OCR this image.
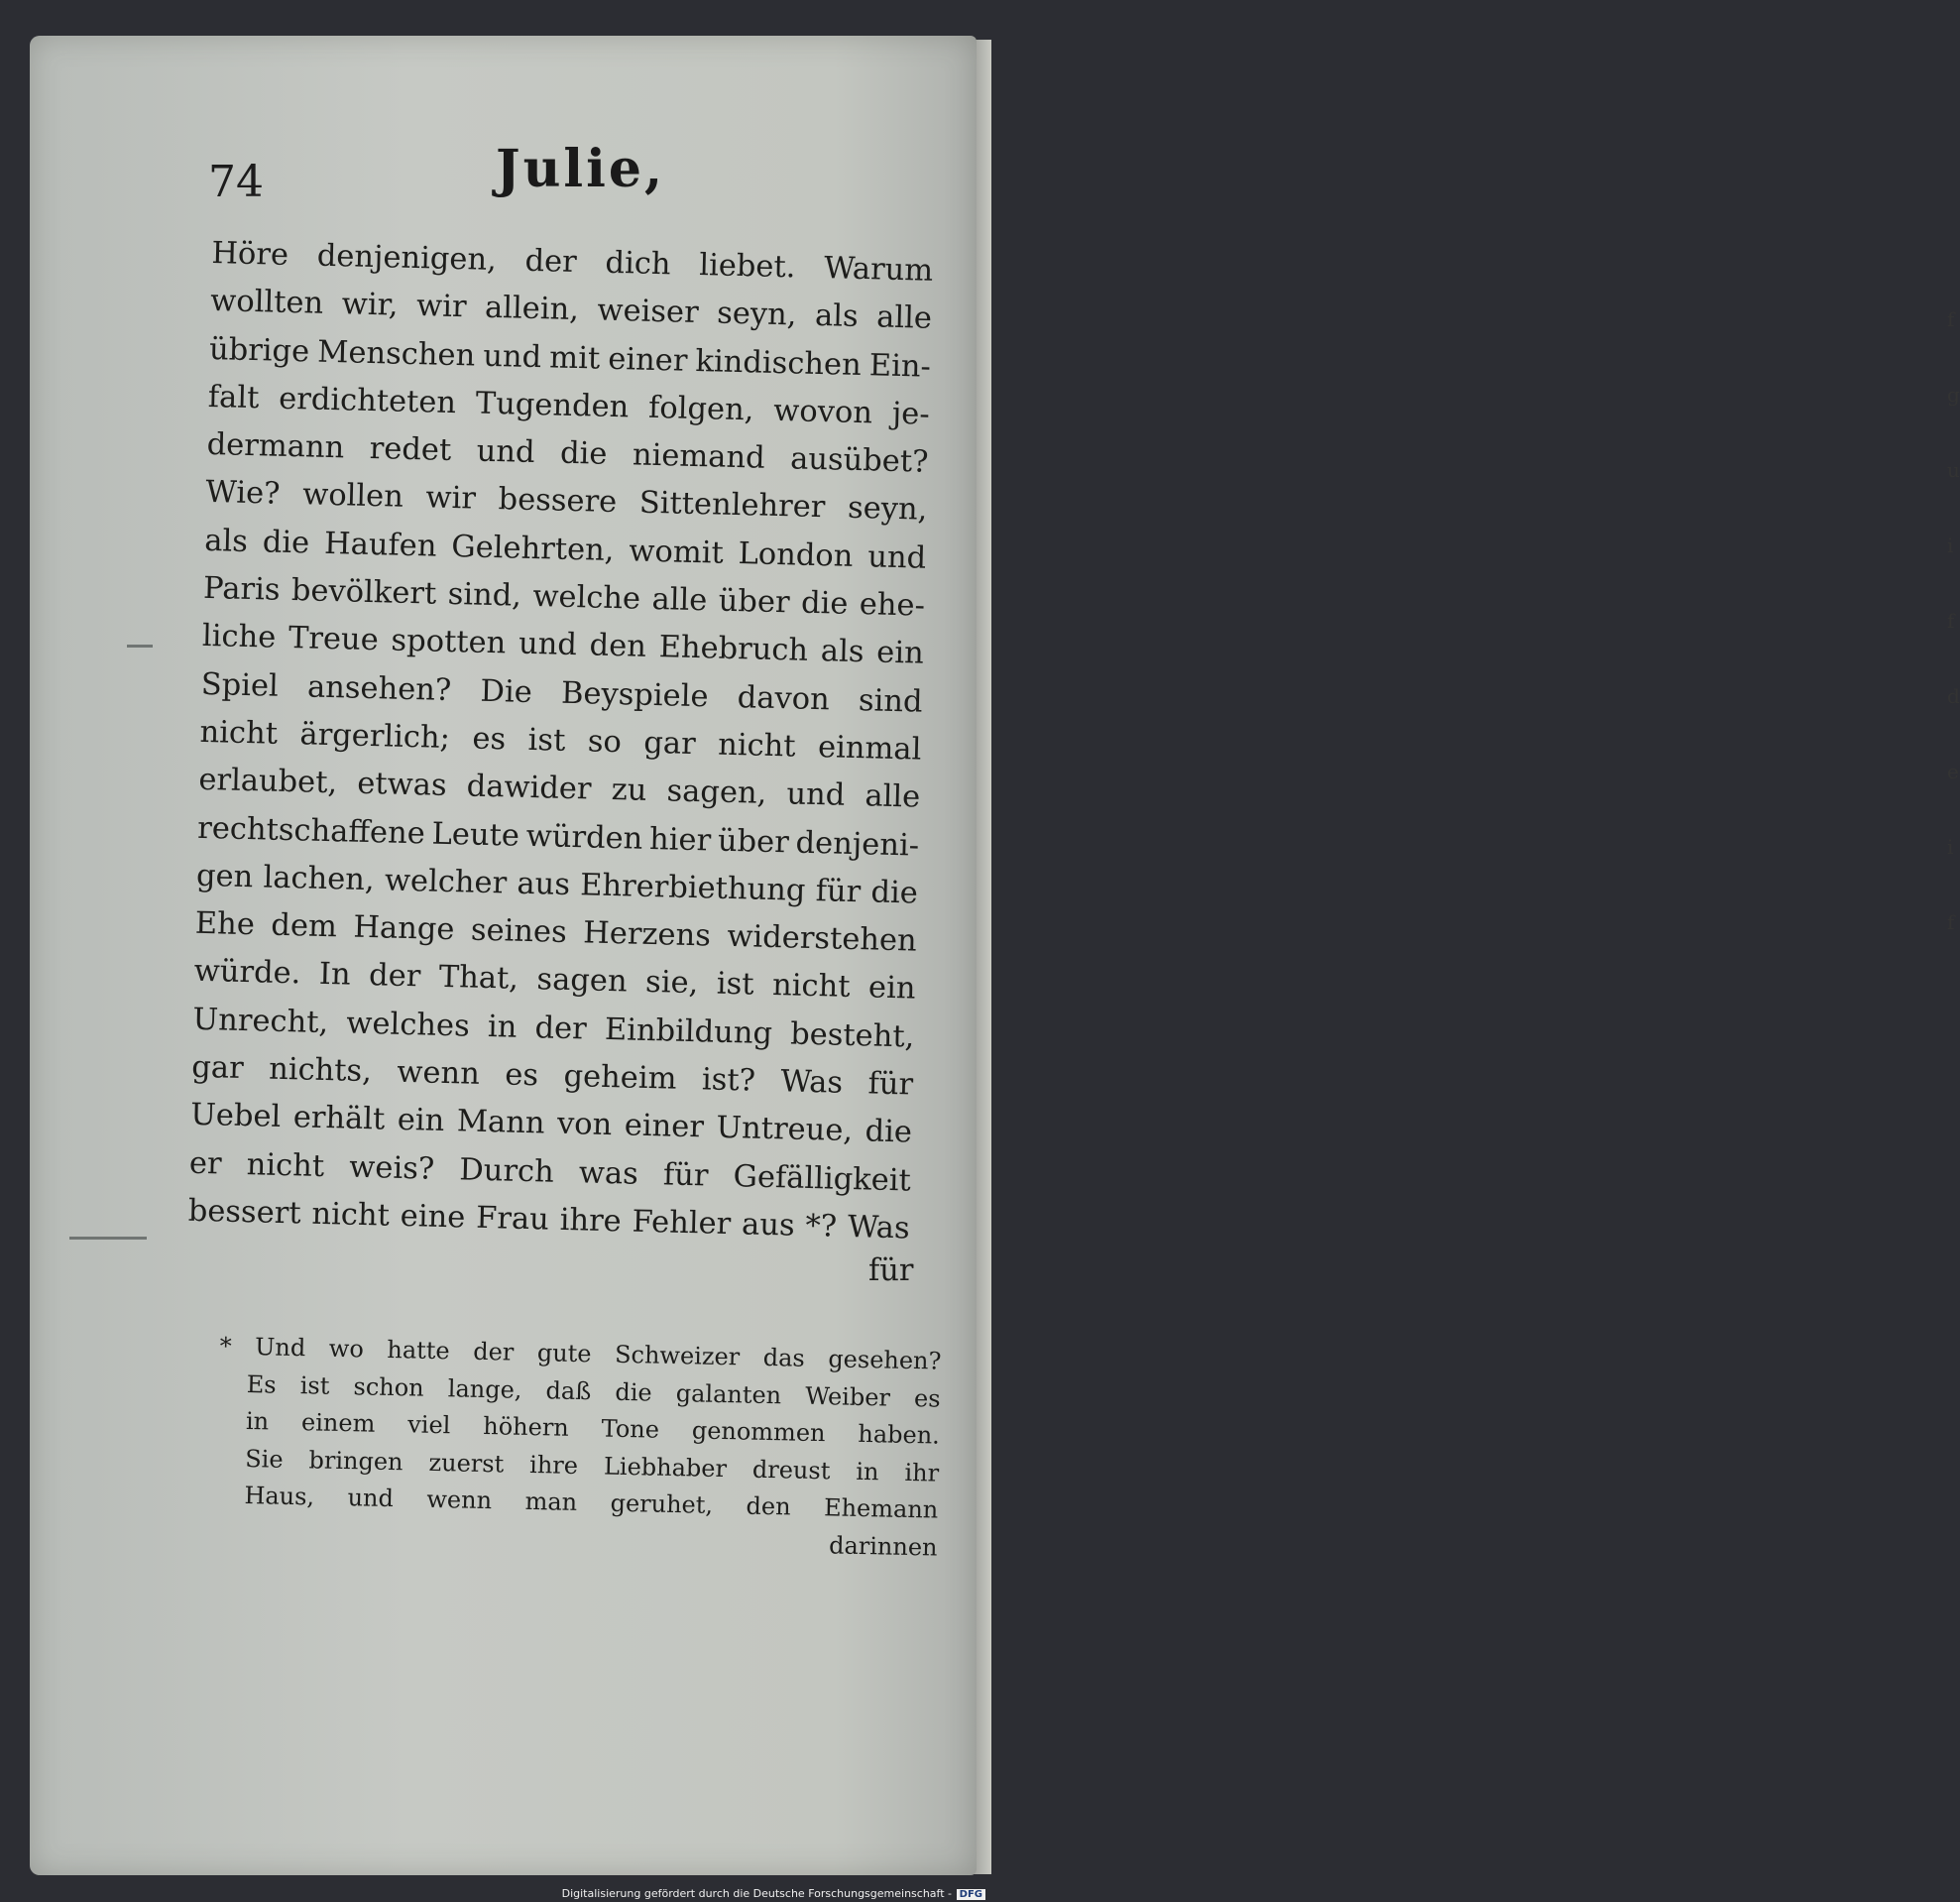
f
g
u
i
f
d
e
i
f
74	Julie,
Höre denjenigen, der dich liebet. Warum
wollten wir, wir allein, weiser seyn, als alle
übrige Menschen und mit einer kindischen Ein-
falt erdichteten Tugenden folgen, wovon je-
dermann redet und die niemand ausübet?
Wie? wollen wir bessere Sittenlehrer seyn,
als die Haufen Gelehrten, womit London und
Paris bevölkert sind, welche alle über die ehe-
liche Treue spotten und den Ehebruch als ein
Spiel ansehen? Die Beyspiele davon sind
nicht ärgerlich; es ist so gar nicht einmal
erlaubet, etwas dawider zu sagen, und alle
rechtschaffene Leute würden hier über denjeni-
gen lachen, welcher aus Ehrerbiethung für die
Ehe dem Hange seines Herzens widerstehen
würde. In der That, sagen sie, ist nicht ein
Unrecht, welches in der Einbildung besteht,
gar nichts, wenn es geheim ist? Was für
Uebel erhält ein Mann von einer Untreue, die
er nicht weis? Durch was für Gefälligkeit
bessert nicht eine Frau ihre Fehler aus *? Was
für
* Und wo hatte der gute Schweizer das gesehen?
Es ist schon lange, daß die galanten Weiber es
in einem viel höhern Tone genommen haben.
Sie bringen zuerst ihre Liebhaber dreust in ihr
Haus, und wenn man geruhet, den Ehemann
darinnen
Digitalisierung gefördert durch die Deutsche Forschungsgemeinschaft - DFG
